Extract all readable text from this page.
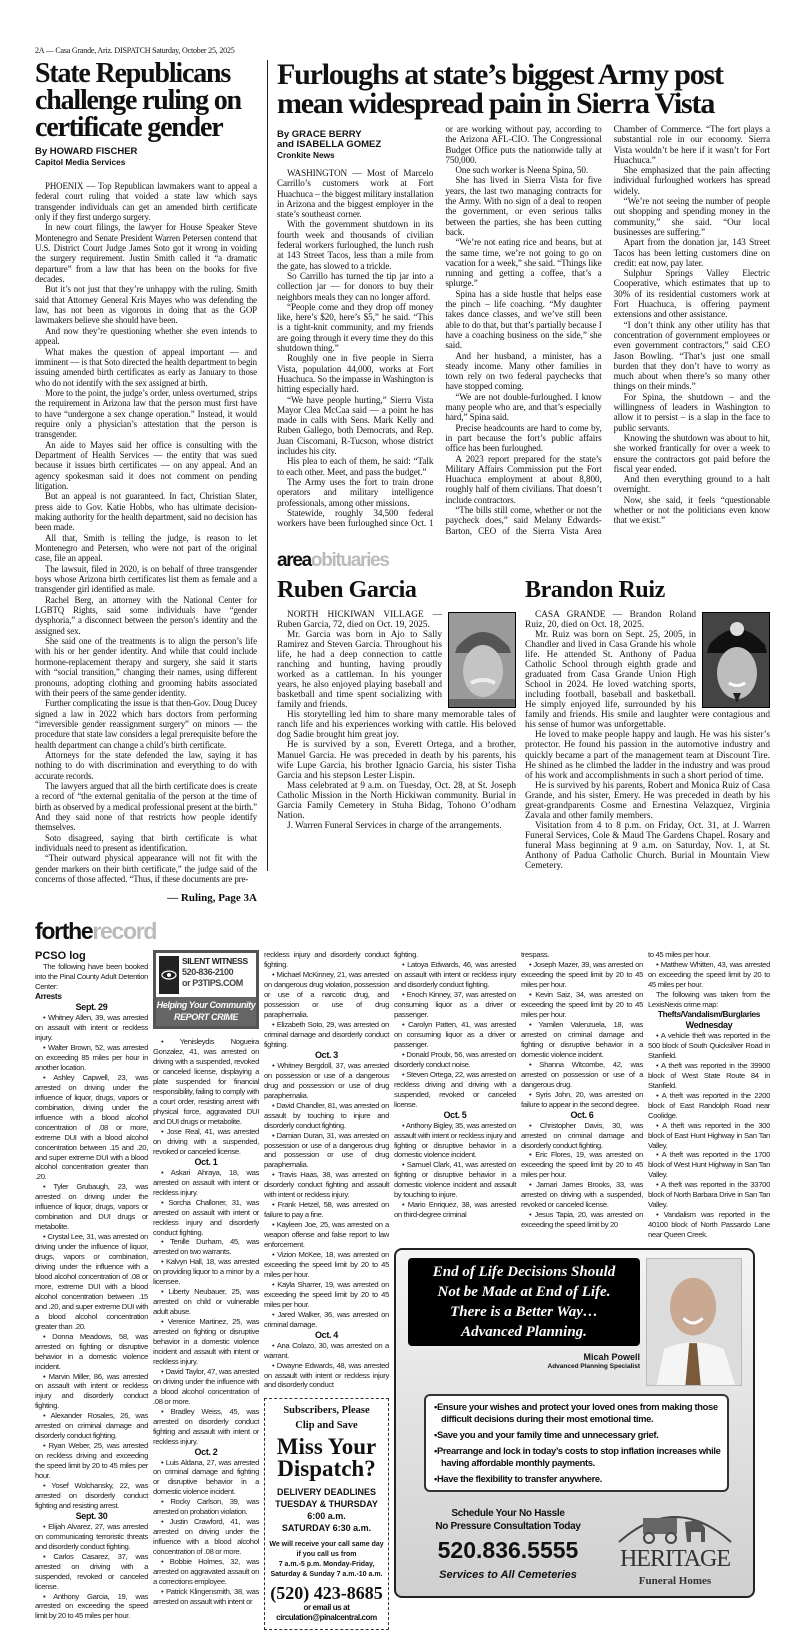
2A — Casa Grande, Ariz. DISPATCH Saturday, October 25, 2025
State Republicans
challenge ruling on
certificate gender
By HOWARD FISCHER
Capitol Media Services

PHOENIX — Top Republican lawmakers want to appeal a federal court ruling that voided a state law which says transgender individuals can get an amended birth certificate only if they first undergo surgery.

In new court filings, the lawyer for House Speaker Steve Montenegro and Senate President Warren Petersen contend that U.S. District Court Judge James Soto got it wrong in voiding the surgery requirement. Justin Smith called it “a dramatic departure” from a law that has been on the books for five decades.

But it’s not just that they’re unhappy with the ruling. Smith said that Attorney General Kris Mayes who was defending the law, has not been as vigorous in doing that as the GOP lawmakers believe she should have been.

And now they’re questioning whether she even intends to appeal.

What makes the question of appeal important — and imminent — is that Soto directed the health department to begin issuing amended birth certificates as early as January to those who do not identify with the sex assigned at birth.

More to the point, the judge’s order, unless overturned, strips the requirement in Arizona law that the person must first have to have “undergone a sex change operation.” Instead, it would require only a physician’s attestation that the person is transgender.

An aide to Mayes said her office is consulting with the Department of Health Services — the entity that was sued because it issues birth certificates — on any appeal. And an agency spokesman said it does not comment on pending litigation.

But an appeal is not guaranteed. In fact, Christian Slater, press aide to Gov. Katie Hobbs, who has ultimate decision-making authority for the health department, said no decision has been made.

All that, Smith is telling the judge, is reason to let Montenegro and Petersen, who were not part of the original case, file an appeal.

The lawsuit, filed in 2020, is on behalf of three transgender boys whose Arizona birth certificates list them as female and a transgender girl identified as male.

Rachel Berg, an attorney with the National Center for LGBTQ Rights, said some individuals have “gender dysphoria,” a disconnect between the person’s identity and the assigned sex.

She said one of the treatments is to align the person’s life with his or her gender identity. And while that could include hormone-replacement therapy and surgery, she said it starts with “social transition,” changing their names, using different pronouns, adopting clothing and grooming habits associated with their peers of the same gender identity.

Further complicating the issue is that then-Gov. Doug Ducey signed a law in 2022 which bars doctors from performing “irreversible gender reassignment surgery” on minors — the procedure that state law considers a legal prerequisite before the health department can change a child’s birth certificate.

Attorneys for the state defended the law, saying it has nothing to do with discrimination and everything to do with accurate records.

The lawyers argued that all the birth certificate does is create a record of “the external genitalia of the person at the time of birth as observed by a medical professional present at the birth.” And they said none of that restricts how people identify themselves.

Soto disagreed, saying that birth certificate is what individuals need to present as identification.

“Their outward physical appearance will not fit with the gender markers on their birth certificate,” the judge said of the concerns of those affected. “Thus, if these documents are pre-

— Ruling, Page 3A
Furloughs at state’s biggest Army post
mean widespread pain in Sierra Vista
By GRACE BERRY
and ISABELLA GOMEZ
Cronkite News

WASHINGTON — Most of Marcelo Carrillo’s customers work at Fort Huachuca – the biggest military installation in Arizona and the biggest employer in the state’s southeast corner.

With the government shutdown in its fourth week and thousands of civilian federal workers furloughed, the lunch rush at 143 Street Tacos, less than a mile from the gate, has slowed to a trickle.

So Carrillo has turned the tip jar into a collection jar — for donors to buy their neighbors meals they can no longer afford.

“People come and they drop off money like, here’s $20, here’s $5,” he said. “This is a tight-knit community, and my friends are going through it every time they do this shutdown thing.”

Roughly one in five people in Sierra Vista, population 44,000, works at Fort Huachuca. So the impasse in Washington is hitting especially hard.

“We have people hurting,” Sierra Vista Mayor Clea McCaa said — a point he has made in calls with Sens. Mark Kelly and Ruben Gallego, both Democrats, and Rep. Juan Ciscomani, R-Tucson, whose district includes his city.

His plea to each of them, he said: “Talk to each other. Meet, and pass the budget.”

The Army uses the fort to train drone operators and military intelligence professionals, among other missions.

Statewide, roughly 34,500 federal workers have been furloughed since Oct. 1 or are working without pay, according to the Arizona AFL-CIO. The Congressional Budget Office puts the nationwide tally at 750,000.

One such worker is Neena Spina, 50.

She has lived in Sierra Vista for five years, the last two managing contracts for the Army. With no sign of a deal to reopen the government, or even serious talks between the parties, she has been cutting back.

“We’re not eating rice and beans, but at the same time, we’re not going to go on vacation for a week,” she said. “Things like running and getting a coffee, that’s a splurge.”

Spina has a side hustle that helps ease the pinch – life coaching. “My daughter takes dance classes, and we’ve still been able to do that, but that’s partially because I have a coaching business on the side,” she said.

And her husband, a minister, has a steady income. Many other families in town rely on two federal paychecks that have stopped coming.

“We are not double-furloughed. I know many people who are, and that’s especially hard,” Spina said.

Precise headcounts are hard to come by, in part because the fort’s public affairs office has been furloughed.

A 2023 report prepared for the state’s Military Affairs Commission put the Fort Huachuca employment at about 8,800, roughly half of them civilians. That doesn’t include contractors.

“The bills still come, whether or not the paycheck does,” said Melany Edwards-Barton, CEO of the Sierra Vista Area Chamber of Commerce. “The fort plays a substantial role in our economy. Sierra Vista wouldn’t be here if it wasn’t for Fort Huachuca.”

She emphasized that the pain affecting individual furloughed workers has spread widely.

“We’re not seeing the number of people out shopping and spending money in the community,” she said. “Our local businesses are suffering.”

Apart from the donation jar, 143 Street Tacos has been letting customers dine on credit: eat now, pay later.

Sulphur Springs Valley Electric Cooperative, which estimates that up to 30% of its residential customers work at Fort Huachuca, is offering payment extensions and other assistance.

“I don’t think any other utility has that concentration of government employees or even government contractors,” said CEO Jason Bowling. “That’s just one small burden that they don’t have to worry as much about when there’s so many other things on their minds.”

For Spina, the shutdown – and the willingness of leaders in Washington to allow it to persist – is a slap in the face to public servants.

Knowing the shutdown was about to hit, she worked frantically for over a week to ensure the contractors got paid before the fiscal year ended.

And then everything ground to a halt overnight.

Now, she said, it feels “questionable whether or not the politicians even know that we exist.”

areaobituaries
Ruben Garcia

NORTH HICKIWAN VILLAGE — Ruben Garcia, 72, died on Oct. 19, 2025.

Mr. Garcia was born in Ajo to Sally Ramirez and Steven Garcia. Throughout his life, he had a deep connection to cattle ranching and hunting, having proudly worked as a cattleman. In his younger years, he also enjoyed playing baseball and basketball and time spent socializing with family and friends.

His storytelling led him to share many memorable tales of ranch life and his experiences working with cattle. His beloved dog Sadie brought him great joy.

He is survived by a son, Everett Ortega, and a brother, Manuel Garcia. He was preceded in death by his parents, his wife Lupe Garcia, his brother Ignacio Garcia, his sister Tisha Garcia and his stepson Lester Lispin.

Mass celebrated at 9 a.m. on Tuesday, Oct. 28, at St. Joseph Catholic Mission in the North Hickiwan community. Burial in Garcia Family Cemetery in Stuha Bidag, Tohono O’odham Nation.

J. Warren Funeral Services in charge of the arrangements.

Brandon Ruiz

CASA GRANDE — Brandon Roland Ruiz, 20, died on Oct. 18, 2025.

Mr. Ruiz was born on Sept. 25, 2005, in Chandler and lived in Casa Grande his whole life. He attended St. Anthony of Padua Catholic School through eighth grade and graduated from Casa Grande Union High School in 2024. He loved watching sports, including football, baseball and basketball. He simply enjoyed life, surrounded by his family and friends. His smile and laughter were contagious and his sense of humor was unforgettable.

He loved to make people happy and laugh. He was his sister’s protector. He found his passion in the automotive industry and quickly became a part of the management team at Discount Tire. He shined as he climbed the ladder in the industry and was proud of his work and accomplishments in such a short period of time.

He is survived by his parents, Robert and Monica Ruiz of Casa Grande, and his sister, Emery. He was preceded in death by his great-grandparents Cosme and Ernestina Velazquez, Virginia Zavala and other family members.

Visitation from 4 to 8 p.m. on Friday, Oct. 31, at J. Warren Funeral Services, Cole & Maud The Gardens Chapel. Rosary and funeral Mass beginning at 9 a.m. on Saturday, Nov. 1, at St. Anthony of Padua Catholic Church. Burial in Mountain View Cemetery.

fortherecord
PCSO log
The following have been booked into the Pinal County Adult Detention Center:
Arrests
Sept. 29
• Whitney Allen, 39, was arrested on assault with intent or reckless injury.
• Walter Brown, 52, was arrested on exceeding 85 miles per hour in another location.
• Ashley Capwell, 23, was arrested on driving under the influence of liquor, drugs, vapors or combination, driving under the influence with a blood alcohol concentration of .08 or more, extreme DUI with a blood alcohol concentration between .15 and .20, and super extreme DUI with a blood alcohol concentration greater than .20.
• Tyler Grubaugh, 23, was arrested on driving under the influence of liquor, drugs, vapors or combination and DUI drugs or metabolite.
• Crystal Lee, 31, was arrested on driving under the influence of liquor, drugs, vapors or combination, driving under the influence with a blood alcohol concentration of .08 or more, extreme DUI with a blood alcohol concentration between .15 and .20, and super extreme DUI with a blood alcohol concentration greater than .20.
• Donna Meadows, 58, was arrested on fighting or disruptive behavior in a domestic violence incident.
• Marvin Miller, 86, was arrested on assault with intent or reckless injury and disorderly conduct fighting.
• Alexander Rosales, 26, was arrested on criminal damage and disorderly conduct fighting.
• Ryan Weber, 25, was arrested on reckless driving and exceeding the speed limit by 20 to 45 miles per hour.
• Yosef Wolchansky, 22, was arrested on disorderly conduct fighting and resisting arrest.
Sept. 30
• Elijah Alvarez, 27, was arrested on communicating terroristic threats and disorderly conduct fighting.
• Carlos Casarez, 37, was arrested on driving with a suspended, revoked or canceled license.
• Anthony Garcia, 19, was arrested on exceeding the speed limit by 20 to 45 miles per hour.
SILENT WITNESS
520-836-2100
or P3TIPS.COM
Helping Your Community
REPORT CRIME
• Yenisleydis Nogueira Gonzalez, 41, was arrested on driving with a suspended, revoked or canceled license, displaying a plate suspended for financial responsibility, failing to comply with a court order, resisting arrest with physical force, aggravated DUI and DUI drugs or metabolite.
• Jose Real, 41, was arrested on driving with a suspended, revoked or canceled license.
Oct. 1
• Askari Ahraya, 18, was arrested on assault with intent or reckless injury.
• Sorcha Challoner, 31, was arrested on assault with intent or reckless injury and disorderly conduct fighting.
• Tenille Durham, 45, was arrested on two warrants.
• Kalvyn Hall, 18, was arrested on providing liquor to a minor by a licensee.
• Liberty Neubauer, 25, was arrested on child or vulnerable adult abuse.
• Verenice Martinez, 25, was arrested on fighting or disruptive behavior in a domestic violence incident and assault with intent or reckless injury.
• David Taylor, 47, was arrested on driving under the influence with a blood alcohol concentration of .08 or more.
• Bradley Weiss, 45, was arrested on disorderly conduct fighting and assault with intent or reckless injury.
Oct. 2
• Luis Aldana, 27, was arrested on criminal damage and fighting or disruptive behavior in a domestic violence incident.
• Rocky Carlson, 39, was arrested on probation violation.
• Justin Crawford, 41, was arrested on driving under the influence with a blood alcohol concentration of .08 or more.
• Bobbie Holmes, 32, was arrested on aggravated assault on a corrections employee.
• Patrick Klingensmith, 38, was arrested on assault with intent or
reckless injury and disorderly conduct fighting.
• Michael McKinney, 21, was arrested on dangerous drug violation, possession or use of a narcotic drug, and possession or use of drug paraphernalia.
• Elizabeth Soto, 29, was arrested on criminal damage and disorderly conduct fighting.
Oct. 3
• Whitney Bergdoll, 37, was arrested on possession or use of a dangerous drug and possession or use of drug paraphernalia.
• David Chandler, 81, was arrested on assault by touching to injure and disorderly conduct fighting.
• Damian Duran, 31, was arrested on possession or use of a dangerous drug and possession or use of drug paraphernalia.
• Travis Haas, 38, was arrested on disorderly conduct fighting and assault with intent or reckless injury.
• Frank Hetzel, 58, was arrested on failure to pay a fine.
• Kayleen Joe, 25, was arrested on a weapon offense and false report to law enforcement.
• Vizion McKee, 18, was arrested on exceeding the speed limit by 20 to 45 miles per hour.
• Kayla Sharrer, 19, was arrested on exceeding the speed limit by 20 to 45 miles per hour.
• Jared Walker, 36, was arrested on criminal damage.
Oct. 4
• Ana Colazo, 30, was arrested on a warrant.
• Dwayne Edwards, 48, was arrested on assault with intent or reckless injury and disorderly conduct
Subscribers, Please
Clip and Save
Miss Your
Dispatch?
DELIVERY DEADLINES
TUESDAY & THURSDAY
6:00 a.m.
SATURDAY 6:30 a.m.
We will receive your call same day
if you call us from
7 a.m.-5 p.m. Monday-Friday,
Saturday & Sunday 7 a.m.-10 a.m.
(520) 423-8685
or email us at
circulation@pinalcentral.com
fighting.
• Latoya Edwards, 46, was arrested on assault with intent or reckless injury and disorderly conduct fighting.
• Enoch Kinney, 37, was arrested on consuming liquor as a driver or passenger.
• Carolyn Patten, 41, was arrested on consuming liquor as a driver or passenger.
• Donald Proulx, 56, was arrested on disorderly conduct noise.
• Steven Ortega, 22, was arrested on reckless driving and driving with a suspended, revoked or canceled license.
Oct. 5
• Anthony Bigley, 35, was arrested on assault with intent or reckless injury and fighting or disruptive behavior in a domestic violence incident.
• Samuel Clark, 41, was arrested on fighting or disruptive behavior in a domestic violence incident and assault by touching to injure.
• Mario Enriquez, 38, was arrested on third-degree criminal
trespass.
• Joseph Mazer, 39, was arrested on exceeding the speed limit by 20 to 45 miles per hour.
• Kevin Saiz, 34, was arrested on exceeding the speed limit by 20 to 45 miles per hour.
• Yamilen Valenzuela, 18, was arrested on criminal damage and fighting or disruptive behavior in a domestic violence incident.
• Shanna Witcombe, 42, was arrested on possession or use of a dangerous drug.
• Syris John, 20, was arrested on failure to appear in the second degree.
Oct. 6
• Christopher Davis, 30, was arrested on criminal damage and disorderly conduct fighting.
• Eric Flores, 19, was arrested on exceeding the speed limit by 20 to 45 miles per hour.
• Jamari James Brooks, 33, was arrested on driving with a suspended, revoked or canceled license.
• Jesus Tapia, 20, was arrested on exceeding the speed limit by 20
to 45 miles per hour.
• Matthew Whitten, 43, was arrested on exceeding the speed limit by 20 to 45 miles per hour.
The following was taken from the LexisNexis crime map:
Thefts/Vandalism/Burglaries
Wednesday
• A vehicle theft was reported in the 500 block of South Quicksilver Road in Stanfield.
• A theft was reported in the 39900 block of West State Route 84 in Stanfield.
• A theft was reported in the 2200 block of East Randolph Road near Coolidge.
• A theft was reported in the 300 block of East Hunt Highway in San Tan Valley.
• A theft was reported in the 1700 block of West Hunt Highway in San Tan Valley.
• A theft was reported in the 33700 block of North Barbara Drive in San Tan Valley.
• Vandalism was reported in the 40100 block of North Passardo Lane near Queen Creek.
End of Life Decisions Should
Not be Made at End of Life.
There is a Better Way…
Advanced Planning.
Micah Powell
Advanced Planning Specialist
• Ensure your wishes and protect your loved ones from making those difficult decisions during their most emotional time.
• Save you and your family time and unnecessary grief.
• Prearrange and lock in today’s costs to stop inflation increases while having affordable monthly payments.
• Have the flexibility to transfer anywhere.
Schedule Your No Hassle
No Pressure Consultation Today
520.836.5555
Services to All Cemeteries
HERITAGE
Funeral Homes
